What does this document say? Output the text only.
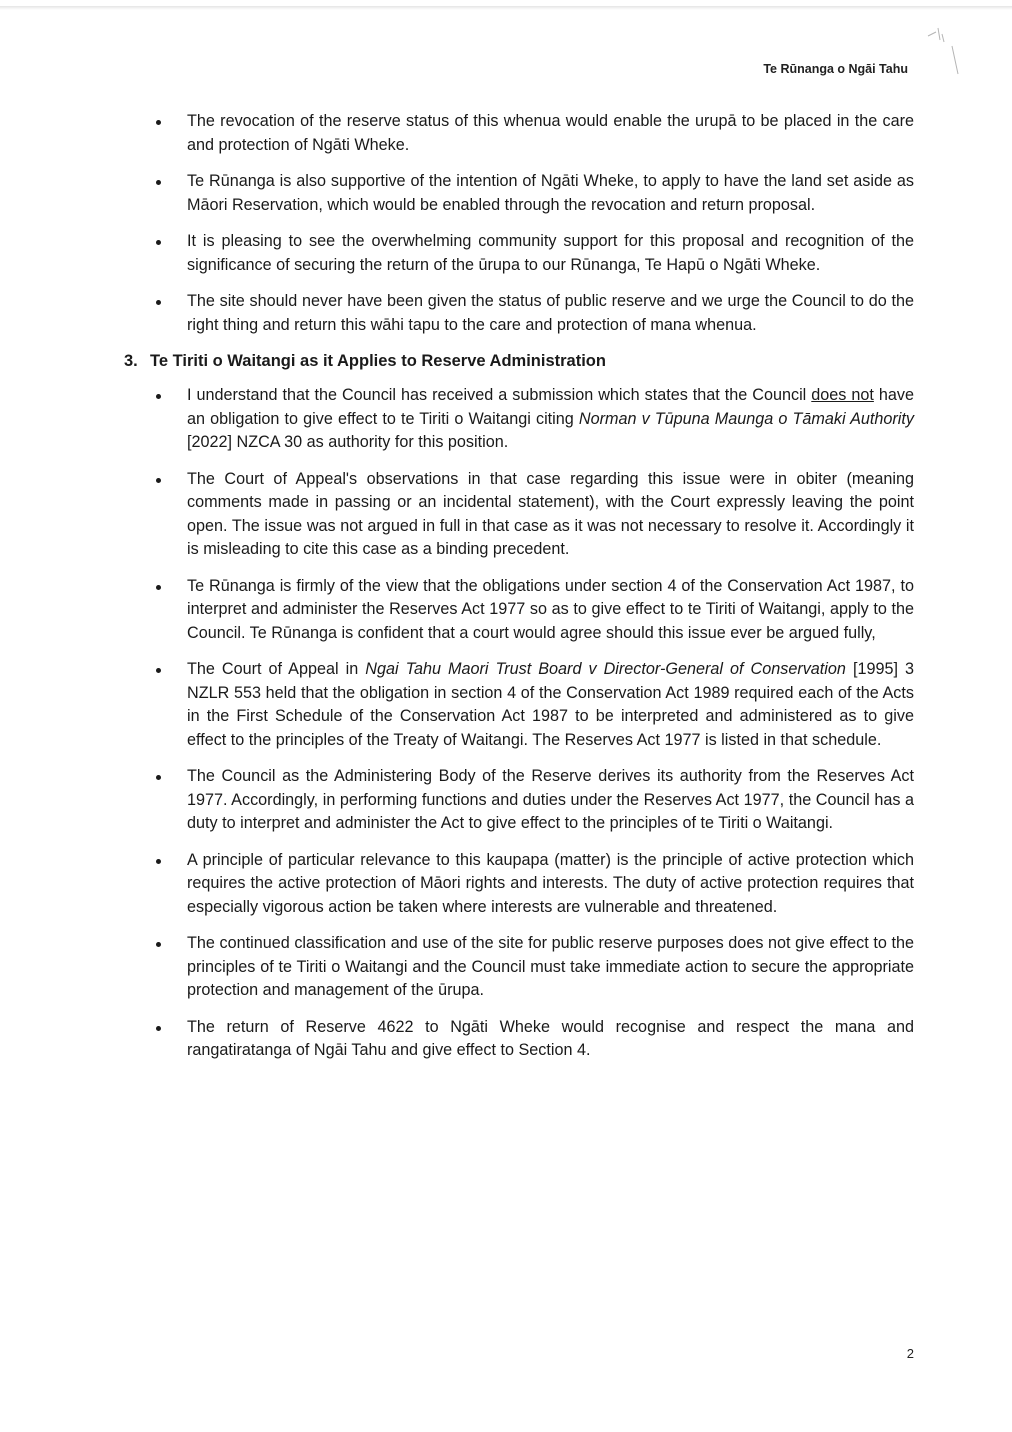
Te Rūnanga o Ngāi Tahu
The revocation of the reserve status of this whenua would enable the urupā to be placed in the care and protection of Ngāti Wheke.
Te Rūnanga is also supportive of the intention of Ngāti Wheke, to apply to have the land set aside as Māori Reservation, which would be enabled through the revocation and return proposal.
It is pleasing to see the overwhelming community support for this proposal and recognition of the significance of securing the return of the ūrupa to our Rūnanga, Te Hapū o Ngāti Wheke.
The site should never have been given the status of public reserve and we urge the Council to do the right thing and return this wāhi tapu to the care and protection of mana whenua.
3. Te Tiriti o Waitangi as it Applies to Reserve Administration
I understand that the Council has received a submission which states that the Council does not have an obligation to give effect to te Tiriti o Waitangi citing Norman v Tūpuna Maunga o Tāmaki Authority [2022] NZCA 30 as authority for this position.
The Court of Appeal's observations in that case regarding this issue were in obiter (meaning comments made in passing or an incidental statement), with the Court expressly leaving the point open. The issue was not argued in full in that case as it was not necessary to resolve it. Accordingly it is misleading to cite this case as a binding precedent.
Te Rūnanga is firmly of the view that the obligations under section 4 of the Conservation Act 1987, to interpret and administer the Reserves Act 1977 so as to give effect to te Tiriti of Waitangi, apply to the Council. Te Rūnanga is confident that a court would agree should this issue ever be argued fully,
The Court of Appeal in Ngai Tahu Maori Trust Board v Director-General of Conservation [1995] 3 NZLR 553 held that the obligation in section 4 of the Conservation Act 1989 required each of the Acts in the First Schedule of the Conservation Act 1987 to be interpreted and administered as to give effect to the principles of the Treaty of Waitangi. The Reserves Act 1977 is listed in that schedule.
The Council as the Administering Body of the Reserve derives its authority from the Reserves Act 1977. Accordingly, in performing functions and duties under the Reserves Act 1977, the Council has a duty to interpret and administer the Act to give effect to the principles of te Tiriti o Waitangi.
A principle of particular relevance to this kaupapa (matter) is the principle of active protection which requires the active protection of Māori rights and interests. The duty of active protection requires that especially vigorous action be taken where interests are vulnerable and threatened.
The continued classification and use of the site for public reserve purposes does not give effect to the principles of te Tiriti o Waitangi and the Council must take immediate action to secure the appropriate protection and management of the ūrupa.
The return of Reserve 4622 to Ngāti Wheke would recognise and respect the mana and rangatiratanga of Ngāi Tahu and give effect to Section 4.
2
